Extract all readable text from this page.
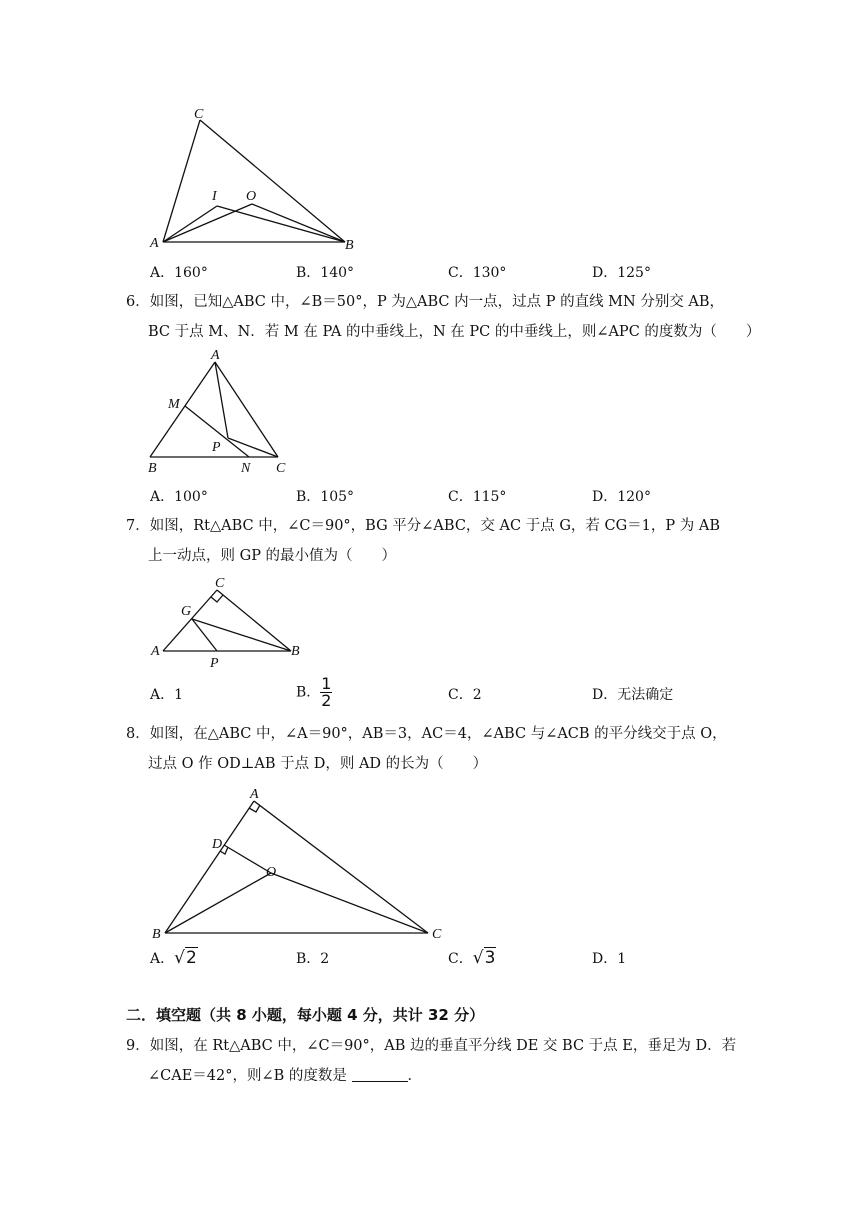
C
I O
A	B
A．160°	B．140°	C．130°	D．125°
6．如图，已知△ABC 中，∠B＝50°，P 为△ABC 内一点，过点 P 的直线 MN 分别交 AB，
BC 于点 M、N．若 M 在 PA 的中垂线上，N 在 PC 的中垂线上，则∠APC 的度数为（　　）
A
M
P
B	N C
A．100°	B．105°	C．115°	D．120°
7．如图，Rt△ABC 中，∠C＝90°，BG 平分∠ABC，交 AC 于点 G，若 CG＝1，P 为 AB
上一动点，则 GP 的最小值为（　　）
C
G
A
P
B
A．1	B． $\frac{1}{2}$	C．2	D．无法确定
8．如图，在△ABC 中，∠A＝90°，AB＝3，AC＝4，∠ABC 与∠ACB 的平分线交于点 O，
过点 O 作 OD⊥AB 于点 D，则 AD 的长为（　　）
A
D
O
B	C
A．√2	B．2	C．√3	D．1
二．填空题（共 8 小题，每小题 4 分，共计 32 分）
9．如图，在 Rt△ABC 中，∠C＝90°，AB 边的垂直平分线 DE 交 BC 于点 E，垂足为 D．若
∠CAE＝42°，则∠B 的度数是	．
